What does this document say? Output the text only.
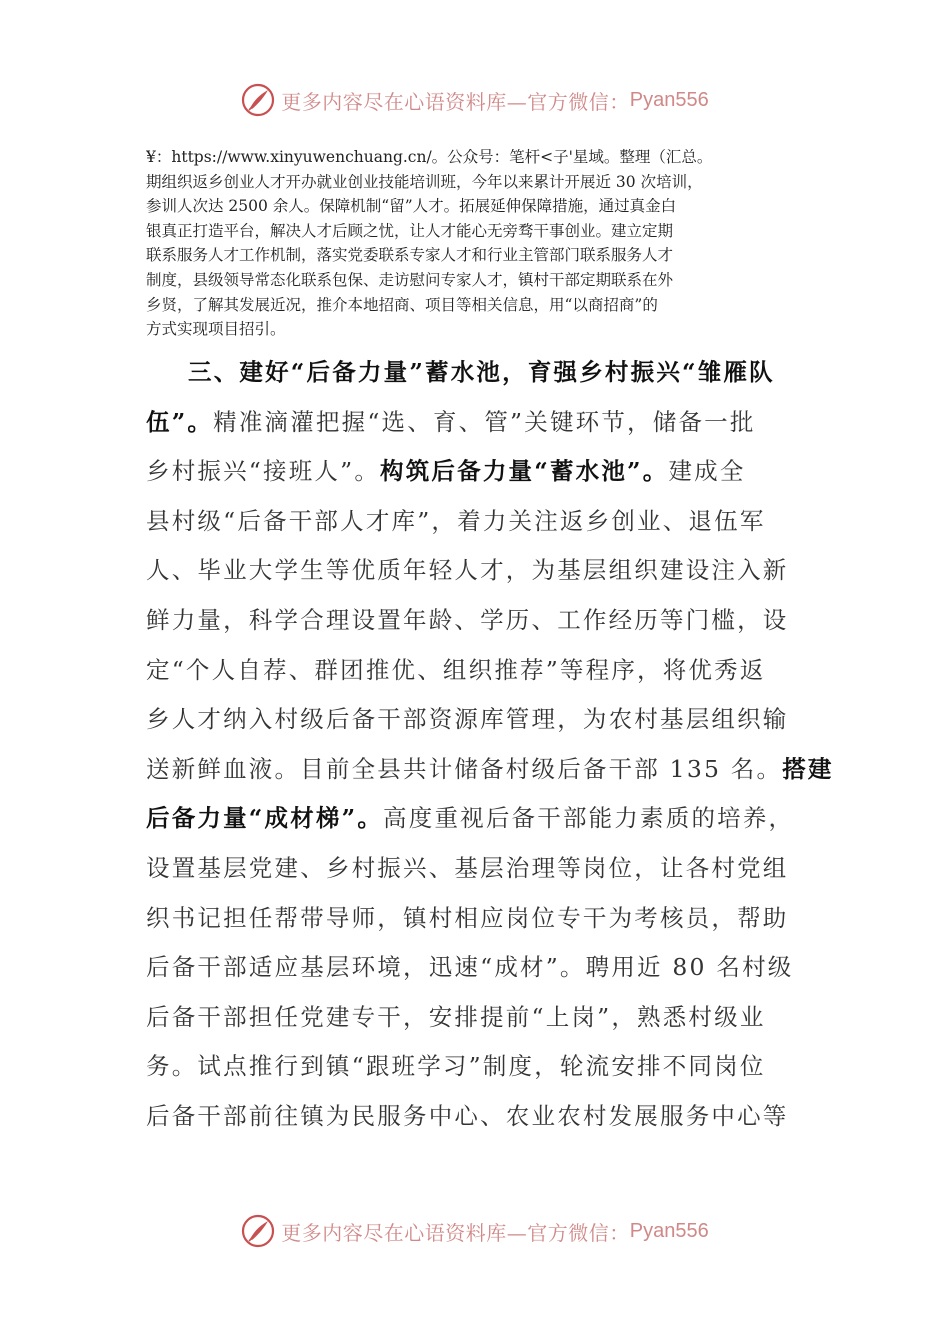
更多内容尽在心语资料库—官方微信： Pyan556

¥：https://www.xinyuwenchuang.cn/。公众号：笔杆<子'星域。整理（汇总。

期组织返乡创业人才开办就业创业技能培训班，今年以来累计开展近 30 次培训，

参训人次达 2500 余人。保障机制“留”人才。拓展延伸保障措施，通过真金白

银真正打造平台，解决人才后顾之忧，让人才能心无旁骛干事创业。建立定期

联系服务人才工作机制，落实党委联系专家人才和行业主管部门联系服务人才

制度，县级领导常态化联系包保、走访慰问专家人才，镇村干部定期联系在外

乡贤，了解其发展近况，推介本地招商、项目等相关信息，用“以商招商”的

方式实现项目招引。

三、建好“后备力量”蓄水池，育强乡村振兴“雏雁队

伍”。精准滴灌把握“选、育、管”关键环节，储备一批

乡村振兴“接班人”。构筑后备力量“蓄水池”。建成全

县村级“后备干部人才库”，着力关注返乡创业、退伍军

人、毕业大学生等优质年轻人才，为基层组织建设注入新

鲜力量，科学合理设置年龄、学历、工作经历等门槛，设

定“个人自荐、群团推优、组织推荐”等程序，将优秀返

乡人才纳入村级后备干部资源库管理，为农村基层组织输

送新鲜血液。目前全县共计储备村级后备干部 135 名。搭建

后备力量“成材梯”。高度重视后备干部能力素质的培养，

设置基层党建、乡村振兴、基层治理等岗位，让各村党组

织书记担任帮带导师，镇村相应岗位专干为考核员，帮助

后备干部适应基层环境，迅速“成材”。聘用近 80 名村级

后备干部担任党建专干，安排提前“上岗”，熟悉村级业

务。试点推行到镇“跟班学习”制度，轮流安排不同岗位

后备干部前往镇为民服务中心、农业农村发展服务中心等

更多内容尽在心语资料库—官方微信： Pyan556
